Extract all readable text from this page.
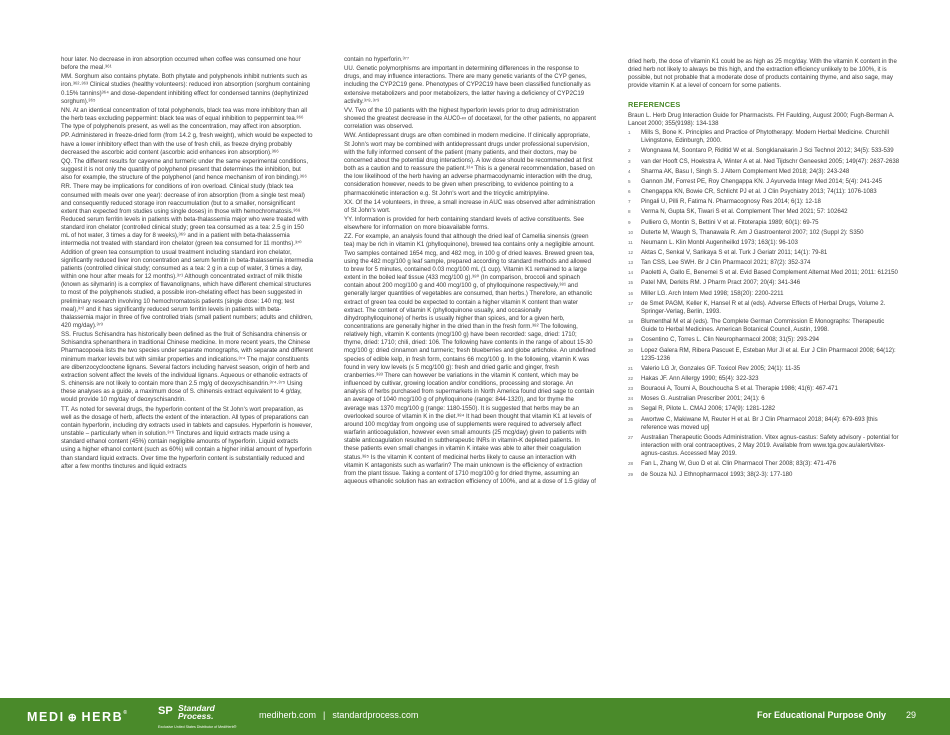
hour later. No decrease in iron absorption occurred when coffee was consumed one hour before the meal.³⁶¹

MM. Sorghum also contains phytate. Both phytate and polyphenols inhibit nutrients such as iron.³⁶²·³⁶³ Clinical studies (healthy volunteers): reduced iron absorption (sorghum containing 0.15% tannins)³⁶⁴ and dose-dependent inhibiting effect for condensed tannins (dephytinized sorghum).³⁶⁵

NN. At an identical concentration of total polyphenols, black tea was more inhibitory than all the herb teas excluding peppermint: black tea was of equal inhibition to peppermint tea.³⁶⁶ The type of polyphenols present, as well as the concentration, may affect iron absorption.

PP. Administered in freeze-dried form (from 14.2 g, fresh weight), which would be expected to have a lower inhibitory effect than with the use of fresh chili, as freeze drying probably decreased the ascorbic acid content (ascorbic acid enhances iron absorption).³⁶⁶

QQ. The different results for cayenne and turmeric under the same experimental conditions, suggest it is not only the quantity of polyphenol present that determines the inhibition, but also for example, the structure of the polyphenol (and hence mechanism of iron binding).³⁶⁶

RR. There may be implications for conditions of iron overload. Clinical study (black tea consumed with meals over one year): decrease of iron absorption (from a single test meal) and consequently reduced storage iron reaccumulation (but to a smaller, nonsignificant extent than expected from studies using single doses) in those with hemochromatosis.³⁶⁸ Reduced serum ferritin levels in patients with beta-thalassemia major who were treated with standard iron chelator (controlled clinical study; green tea consumed as a tea: 2.5 g in 150 mL of hot water, 3 times a day for 8 weeks),³⁶⁹ and in a patient with beta-thalassemia intermedia not treated with standard iron chelator (green tea consumed for 11 months).³⁷⁰ Addition of green tea consumption to usual treatment including standard iron chelator, significantly reduced liver iron concentration and serum ferritin in beta-thalassemia intermedia patients (controlled clinical study; consumed as a tea: 2 g in a cup of water, 3 times a day, within one hour after meals for 12 months).³⁷¹ Although concentrated extract of milk thistle (known as silymarin) is a complex of flavanolignans, which have different chemical structures to most of the polyphenols studied, a possible iron-chelating effect has been suggested in preliminary research involving 10 hemochromatosis patients (single dose: 140 mg; test meal),³⁷² and it has significantly reduced serum ferritin levels in patients with beta-thalassemia major in three of five controlled trials (small patient numbers; adults and children, 420 mg/day).³⁷³

SS. Fructus Schisandra has historically been defined as the fruit of Schisandra chinensis or Schisandra sphenanthera in traditional Chinese medicine. In more recent years, the Chinese Pharmacopoeia lists the two species under separate monographs, with separate and different minimum marker levels but with similar properties and indications.³⁷⁴ The major constituents are dibenzocyclooctene lignans. Several factors including harvest season, origin of herb and extraction solvent affect the levels of the individual lignans. Aqueous or ethanolic extracts of S. chinensis are not likely to contain more than 2.5 mg/g of deoxyschisandrin.³⁷⁴·³⁷⁵ Using these analyses as a guide, a maximum dose of S. chinensis extract equivalent to 4 g/day, would provide 10 mg/day of deoxyschisandrin.

TT. As noted for several drugs, the hyperforin content of the St John's wort preparation, as well as the dosage of herb, affects the extent of the interaction. All types of preparations can contain hyperforin, including dry extracts used in tablets and capsules. Hyperforin is however, unstable – particularly when in solution.³⁷⁶ Tinctures and liquid extracts made using a standard ethanol content (45%) contain negligible amounts of hyperforin. Liquid extracts using a higher ethanol content (such as 60%) will contain a higher initial amount of hyperforin than standard liquid extracts. Over time the hyperforin content is substantially reduced and after a few months tinctures and liquid extracts

contain no hyperforin.³⁷⁷

UU. Genetic polymorphisms are important in determining differences in the response to drugs, and may influence interactions. There are many genetic variants of the CYP genes, including the CYP2C19 gene. Phenotypes of CYP2C19 have been classified functionally as extensive metabolizers and poor metabolizers, the latter having a deficiency of CYP2C19 activity.³⁷⁸·³⁷⁹

VV. Two of the 10 patients with the highest hyperforin levels prior to drug administration showed the greatest decrease in the AUC0-∞ of docetaxel, for the other patients, no apparent correlation was observed.

WW. Antidepressant drugs are often combined in modern medicine. If clinically appropriate, St John's wort may be combined with antidepressant drugs under professional supervision, with the fully informed consent of the patient (many patients, and their doctors, may be concerned about the potential drug interactions). A low dose should be recommended at first both as a caution and to reassure the patient.³¹⁴ This is a general recommendation, based on the low likelihood of the herb having an adverse pharmacodynamic interaction with the drug, consideration however, needs to be given when prescribing, to evidence pointing to a pharmacokinetic interaction e.g. St John's wort and the tricyclic amitriptyline.

XX. Of the 14 volunteers, in three, a small increase in AUC was observed after administration of St John's wort.

YY. Information is provided for herb containing standard levels of active constituents. See elsewhere for information on more bioavailable forms.

ZZ. For example, an analysis found that although the dried leaf of Camellia sinensis (green tea) may be rich in vitamin K1 (phylloquinone), brewed tea contains only a negligible amount. Two samples contained 1654 mcg, and 482 mcg, in 100 g of dried leaves. Brewed green tea, using the 482 mcg/100 g leaf sample, prepared according to standard methods and allowed to brew for 5 minutes, contained 0.03 mcg/100 mL (1 cup). Vitamin K1 remained to a large extent in the boiled leaf tissue (433 mcg/100 g).³⁸⁰ (In comparison, broccoli and spinach contain about 200 mcg/100 g and 400 mcg/100 g, of phylloquinone respectively,³⁸¹ and generally larger quantities of vegetables are consumed, than herbs.) Therefore, an ethanolic extract of green tea could be expected to contain a higher vitamin K content than water extract. The content of vitamin K (phylloquinone usually, and occasionally dihydrophylloquinone) of herbs is usually higher than spices, and for a given herb, concentrations are generally higher in the dried than in the fresh form.³⁸² The following, relatively high, vitamin K contents (mcg/100 g) have been recorded: sage, dried: 1710; thyme, dried: 1710; chili, dried: 106. The following have contents in the range of about 15-30 mcg/100 g: dried cinnamon and turmeric; fresh blueberries and globe artichoke. An undefined species of edible kelp, in fresh form, contains 66 mcg/100 g. In the following, vitamin K was found in very low levels (≤ 5 mcg/100 g): fresh and dried garlic and ginger, fresh cranberries.³⁸³ There can however be variations in the vitamin K content, which may be influenced by cultivar, growing location and/or conditions, processing and storage. An analysis of herbs purchased from supermarkets in North America found dried sage to contain an average of 1040 mcg/100 g of phylloquinone (range: 844-1320), and for thyme the average was 1370 mcg/100 g (range: 1180-1550). It is suggested that herbs may be an overlooked source of vitamin K in the diet.³⁸⁴ It had been thought that vitamin K1 at levels of around 100 mcg/day from ongoing use of supplements were required to adversely affect warfarin anticoagulation, however even small amounts (25 mcg/day) given to patients with stable anticoagulation resulted in subtherapeutic INRs in vitamin-K depleted patients. In these patients even small changes in vitamin K intake was able to alter their coagulation status.³⁸⁵ Is the vitamin K content of medicinal herbs likely to cause an interaction with vitamin K antagonists such as warfarin? The main unknown is the efficiency of extraction from the plant tissue. Taking a content of 1710 mcg/100 g for dried thyme, assuming an aqueous ethanolic solution has an extraction efficiency of 100%, and at a dose of 1.5 g/day of

dried herb, the dose of vitamin K1 could be as high as 25 mcg/day. With the vitamin K content in the dried herb not likely to always be this high, and the extraction efficiency unlikely to be 100%, it is possible, but not probable that a moderate dose of products containing thyme, and also sage, may provide vitamin K at a level of concern for some patients.

REFERENCES

Braun L. Herb Drug Interaction Guide for Pharmacists. FH Faulding, August 2000; Fugh-Berman A. Lancet 2000; 355(9198): 134-138

1 Mills S, Bone K. Principles and Practice of Phytotherapy: Modern Herbal Medicine. Churchill Livingstone, Edinburgh, 2000.
2 Wongnawa M, Soontaro P, Riditid W et al. Songklanakarin J Sci Technol 2012; 34(5): 533-539
3 van der Hooft CS, Hoekstra A, Winter A et al. Ned Tijdschr Geneeskd 2005; 149(47): 2637-2638
4 Sharma AK, Basu I, Singh S. J Altern Complement Med 2018; 24(3): 243-248
5 Gannon JM, Forrest PE, Roy Chengappa KN. J Ayurveda Integr Med 2014; 5(4): 241-245
6 Chengappa KN, Bowie CR, Schlicht PJ et al. J Clin Psychiatry 2013; 74(11): 1076-1083
7 Pingali U, Pilli R, Fatima N. Pharmacognosy Res 2014; 6(1): 12-18
8 Verma N, Gupta SK, Tiwari S et al. Complement Ther Med 2021; 57: 102642
9 Pulliero G, Montin S, Bettini V et al. Fitoterapia 1989; 60(1): 69-75
10 Duterte M, Waugh S, Thanawala R. Am J Gastroenterol 2007; 102 (Suppl 2): S350
11 Neumann L. Klin Monbl Augenheilkd 1973; 163(1): 96-103
12 Aktas C, Senkal V, Sarikaya S et al. Turk J Geriatr 2011; 14(1): 79-81
13 Tan CSS, Lee SWH. Br J Clin Pharmacol 2021; 87(2): 352-374
14 Paoletti A, Gallo E, Benemei S et al. Evid Based Complement Alternat Med 2011; 2011: 612150
15 Patel NM, Derkits RM. J Pharm Pract 2007; 20(4): 341-346
16 Miller LG. Arch Intern Med 1998; 158(20): 2200-2211
17 de Smet PAGM, Keller K, Hansel R et al (eds). Adverse Effects of Herbal Drugs, Volume 2. Springer-Verlag, Berlin, 1993.
18 Blumenthal M et al (eds). The Complete German Commission E Monographs: Therapeutic Guide to Herbal Medicines. American Botanical Council, Austin, 1998.
19 Cosentino C, Torres L. Clin Neuropharmacol 2008; 31(5): 293-294
20 Lopez Galera RM, Ribera Pascuet E, Esteban Mur JI et al. Eur J Clin Pharmacol 2008; 64(12): 1235-1236
21 Valerio LG Jr, Gonzales GF. Toxicol Rev 2005; 24(1): 11-35
22 Hakas JF. Ann Allergy 1990; 65(4): 322-323
23 Bouraoui A, Toumi A, Bouchoucha S et al. Therapie 1986; 41(6): 467-471
24 Moses G. Australian Prescriber 2001; 24(1): 6
25 Segal R, Pilote L. CMAJ 2006; 174(9): 1281-1282
26 Awortwe C, Makiwane M, Reuter H et al. Br J Clin Pharmacol 2018; 84(4): 679-693 [this reference was moved up]
27 Australian Therapeutic Goods Administration. Vitex agnus-castus: Safety advisory - potential for interaction with oral contraceptives, 2 May 2019. Available from www.tga.gov.au/alert/vitex-agnus-castus. Accessed May 2019.
28 Fan L, Zhang W, Guo D et al. Clin Pharmacol Ther 2008; 83(3): 471-476
29 de Souza NJ. J Ethnopharmacol 1993; 38(2-3): 177-180
MEDI ⊕ HERB®	SP Standard
Process.
Exclusive United States Distributor of MediHerb®
mediherb.com | standardprocess.com	For Educational Purpose Only 29
